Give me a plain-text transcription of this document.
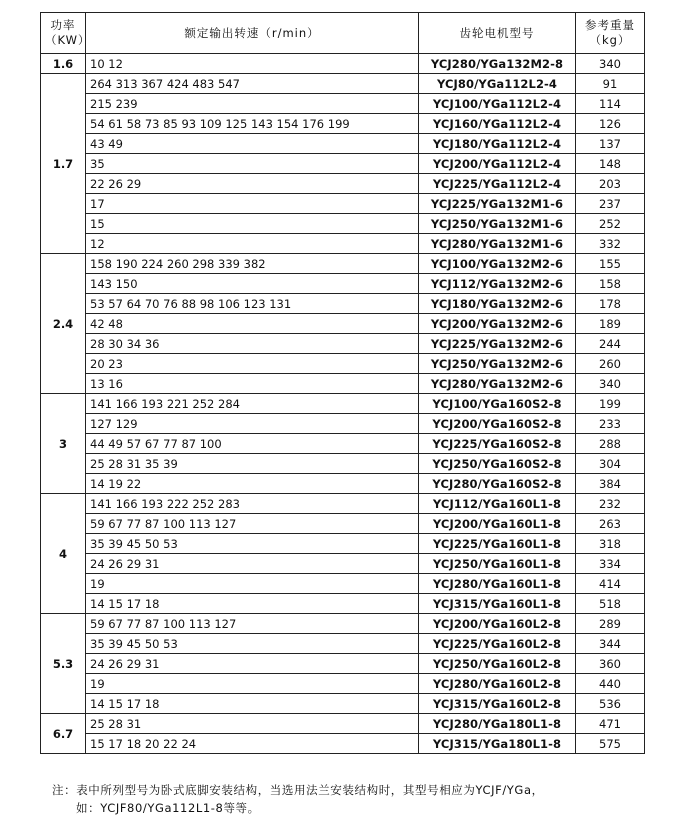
功率
（KW）	额定输出转速（r/min）	齿轮电机型号	参考重量
（kg）

1.6	10 12	YCJ280/YGa132M2-8	340
1.7	264 313 367 424 483 547	YCJ80/YGa112L2-4	91
	215 239	YCJ100/YGa112L2-4	114
	54 61 58 73 85 93 109 125 143 154 176 199	YCJ160/YGa112L2-4	126
	43 49	YCJ180/YGa112L2-4	137
	35	YCJ200/YGa112L2-4	148
	22 26 29	YCJ225/YGa112L2-4	203
	17	YCJ225/YGa132M1-6	237
	15	YCJ250/YGa132M1-6	252
	12	YCJ280/YGa132M1-6	332
2.4	158 190 224 260 298 339 382	YCJ100/YGa132M2-6	155
	143 150	YCJ112/YGa132M2-6	158
	53 57 64 70 76 88 98 106 123 131	YCJ180/YGa132M2-6	178
	42 48	YCJ200/YGa132M2-6	189
	28 30 34 36	YCJ225/YGa132M2-6	244
	20 23	YCJ250/YGa132M2-6	260
	13 16	YCJ280/YGa132M2-6	340
3	141 166 193 221 252 284	YCJ100/YGa160S2-8	199
	127 129	YCJ200/YGa160S2-8	233
	44 49 57 67 77 87 100	YCJ225/YGa160S2-8	288
	25 28 31 35 39	YCJ250/YGa160S2-8	304
	14 19 22	YCJ280/YGa160S2-8	384
4	141 166 193 222 252 283	YCJ112/YGa160L1-8	232
	59 67 77 87 100 113 127	YCJ200/YGa160L1-8	263
	35 39 45 50 53	YCJ225/YGa160L1-8	318
	24 26 29 31	YCJ250/YGa160L1-8	334
	19	YCJ280/YGa160L1-8	414
	14 15 17 18	YCJ315/YGa160L1-8	518
5.3	59 67 77 87 100 113 127	YCJ200/YGa160L2-8	289
	35 39 45 50 53	YCJ225/YGa160L2-8	344
	24 26 29 31	YCJ250/YGa160L2-8	360
	19	YCJ280/YGa160L2-8	440
	14 15 17 18	YCJ315/YGa160L2-8	536
6.7	25 28 31	YCJ280/YGa180L1-8	471
	15 17 18 20 22 24	YCJ315/YGa180L1-8	575
注：表中所列型号为卧式底脚安装结构，当选用法兰安装结构时，其型号相应为YCJF/YGa，
如：YCJF80/YGa112L1-8等等。
